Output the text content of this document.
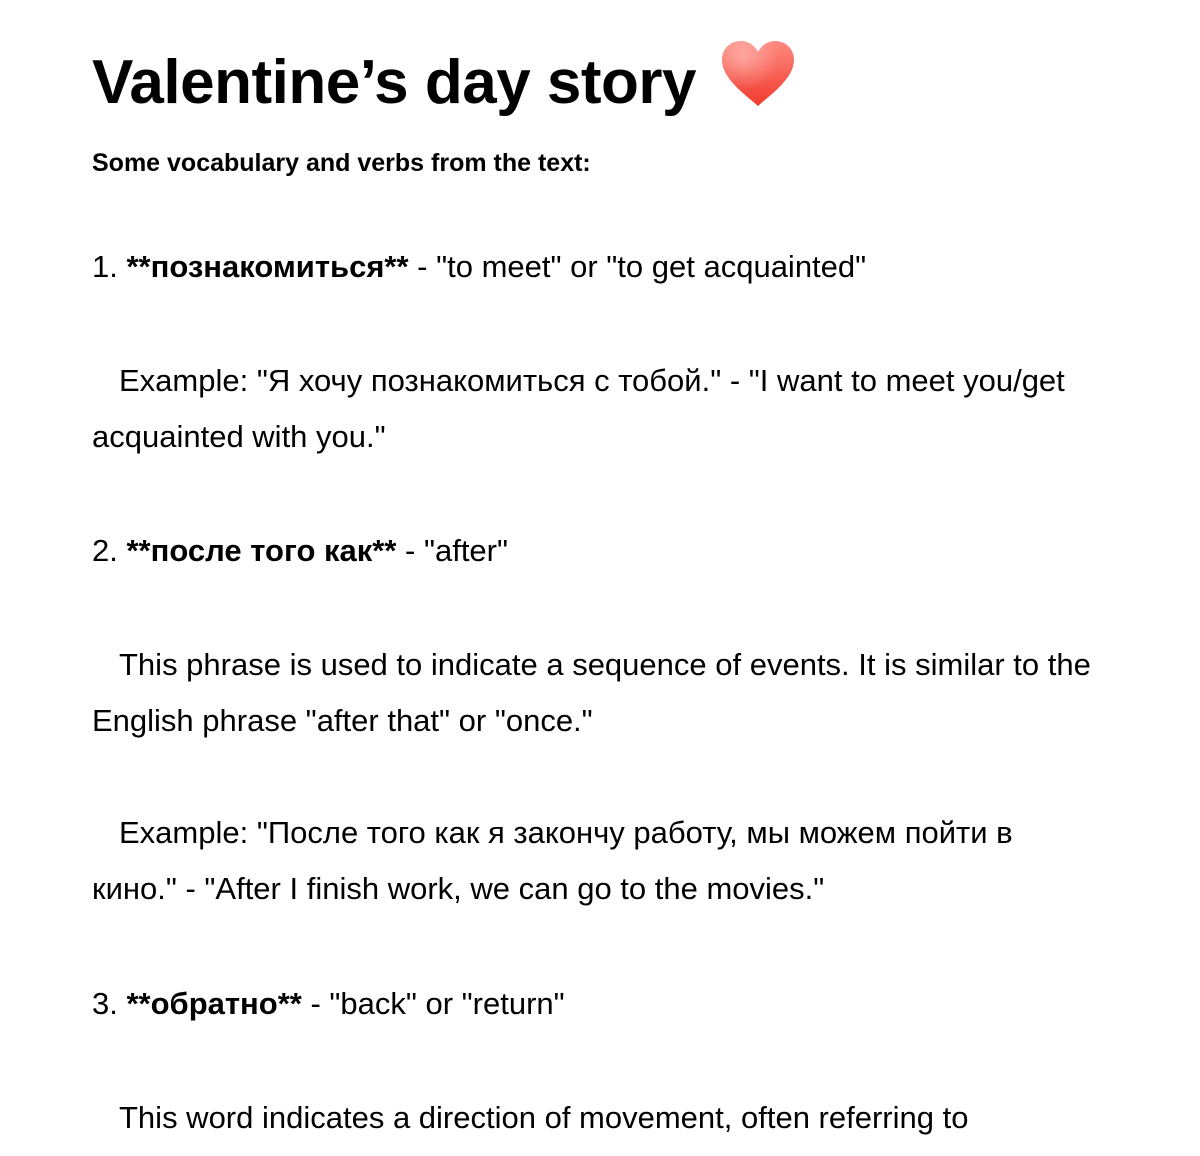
Valentine’s day story

Some vocabulary and verbs from the text:

1. **познакомиться** - "to meet" or "to get acquainted"

Example: "Я хочу познакомиться с тобой." - "I want to meet you/get acquainted with you."

2. **после того как** - "after"

This phrase is used to indicate a sequence of events. It is similar to the English phrase "after that" or "once."

Example: "После того как я закончу работу, мы можем пойти в кино." - "After I finish work, we can go to the movies."

3. **обратно** - "back" or "return"

This word indicates a direction of movement, often referring to
